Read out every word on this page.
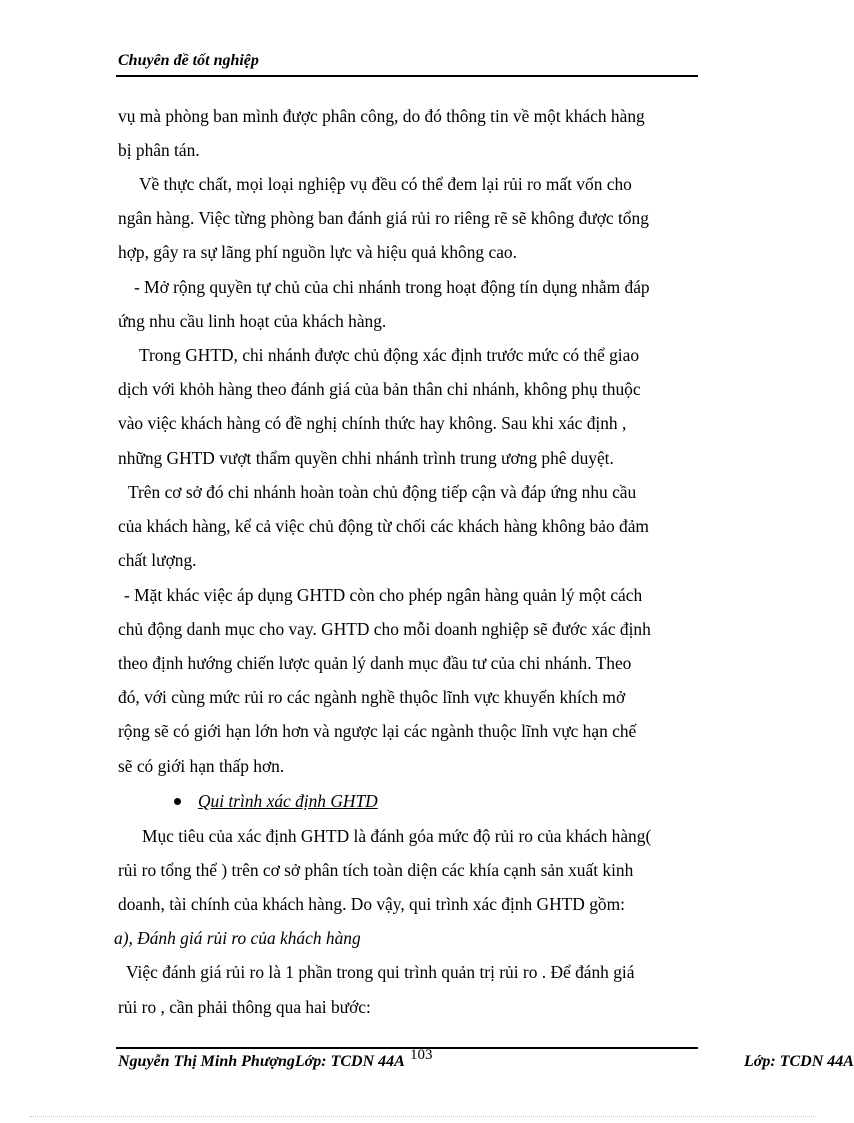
Chuyên đề tốt nghiệp
vụ mà phòng ban mình được phân công, do đó thông tin về một khách hàng
bị phân tán.
Về thực chất, mọi loại nghiệp vụ đều có thể đem lại rủi ro mất vốn cho
ngân hàng. Việc từng phòng ban đánh giá rủi ro riêng rẽ sẽ không được tổng
hợp, gây ra sự lãng phí nguồn lực và hiệu quả không cao.
- Mở rộng quyền tự chủ của chi nhánh trong hoạt động tín dụng nhằm đáp
ứng nhu cầu linh hoạt của khách hàng.
Trong GHTD, chi nhánh được chủ động xác định trước mức có thể giao
dịch với khỏh hàng theo đánh giá của bản thân chi nhánh, không phụ thuộc
vào việc khách hàng có đề nghị chính thức hay không. Sau khi xác định ,
những GHTD vượt thẩm quyền chhi nhánh trình trung ương phê duyệt.
Trên cơ sở đó chi nhánh hoàn toàn chủ động tiếp cận và đáp ứng nhu cầu
của khách hàng, kể cả việc chủ động từ chối các khách hàng không bảo đảm
chất lượng.
- Mặt khác việc áp dụng GHTD còn cho phép ngân hàng quản lý một cách
chủ động danh mục cho vay. GHTD cho mỗi doanh nghiệp sẽ đước xác định
theo định hướng chiến lược quản lý danh mục đầu tư của chi nhánh. Theo
đó, với cùng mức rủi ro các ngành nghề thụôc lĩnh vực khuyến khích mở
rộng sẽ có giới hạn lớn hơn và ngược lại các ngành thuộc lĩnh vực hạn chế
sẽ có giới hạn thấp hơn.
Qui trình xác định GHTD
Mục tiêu của xác định GHTD là đánh góa mức độ rủi ro của khách hàng(
rủi ro tổng thể ) trên cơ sở phân tích toàn diện các khía cạnh sản xuất kinh
doanh, tài chính của khách hàng. Do vậy, qui trình xác định GHTD gồm:
a), Đánh giá rủi ro của khách hàng
Việc đánh giá rủi ro là 1 phần trong qui trình quản trị rủi ro . Để đánh giá
rủi ro , cần phải thông qua hai bước:
Nguyễn Thị Minh PhượngLớp: TCDN 44A 103	Lớp: TCDN 44A
